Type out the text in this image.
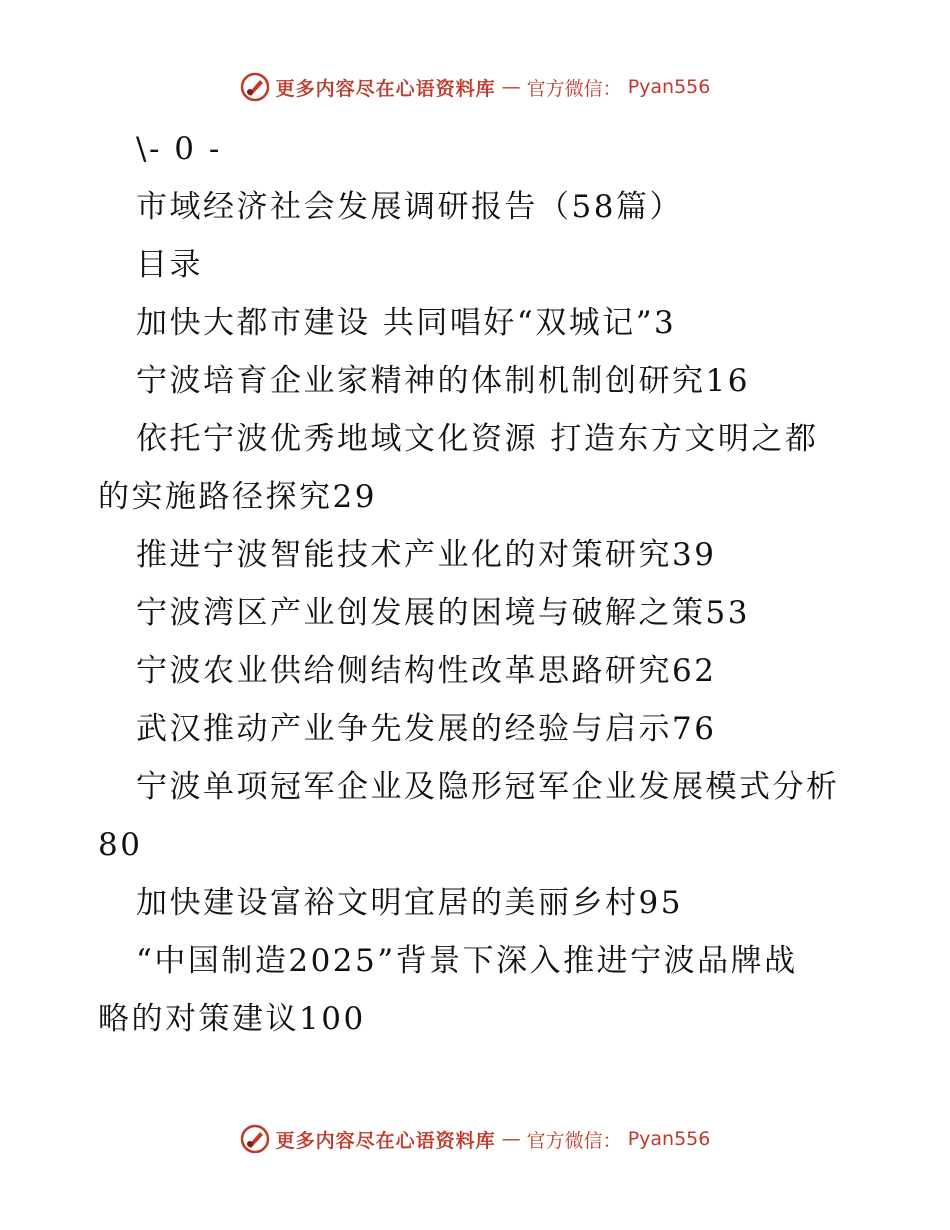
更多内容尽在心语资料库 — 官方微信： Pyan556
\- 0 -
市域经济社会发展调研报告（58篇）
目录
加快大都市建设 共同唱好“双城记”3
宁波培育企业家精神的体制机制创研究16
依托宁波优秀地域文化资源 打造东方文明之都
的实施路径探究29
推进宁波智能技术产业化的对策研究39
宁波湾区产业创发展的困境与破解之策53
宁波农业供给侧结构性改革思路研究62
武汉推动产业争先发展的经验与启示76
宁波单项冠军企业及隐形冠军企业发展模式分析
80
加快建设富裕文明宜居的美丽乡村95
“中国制造2025”背景下深入推进宁波品牌战
略的对策建议100
更多内容尽在心语资料库 — 官方微信： Pyan556
